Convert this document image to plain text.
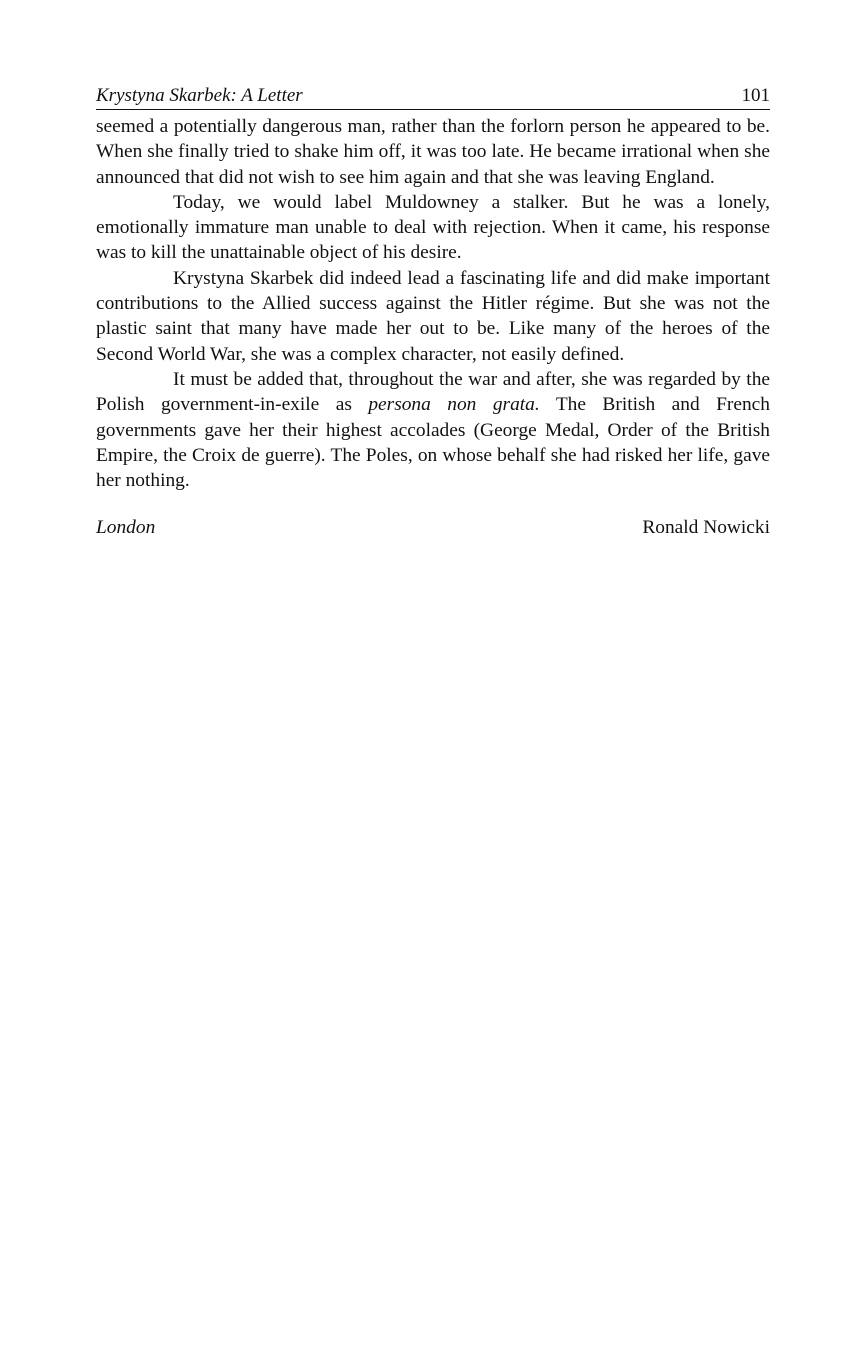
Krystyna Skarbek: A Letter	101

seemed a potentially dangerous man, rather than the forlorn person he appeared to be. When she finally tried to shake him off, it was too late. He became irrational when she announced that did not wish to see him again and that she was leaving England.

Today, we would label Muldowney a stalker. But he was a lonely, emotionally immature man unable to deal with rejection. When it came, his response was to kill the unattainable object of his desire.

Krystyna Skarbek did indeed lead a fascinating life and did make important contributions to the Allied success against the Hitler régime. But she was not the plastic saint that many have made her out to be. Like many of the heroes of the Second World War, she was a complex character, not easily defined.

It must be added that, throughout the war and after, she was regarded by the Polish government-in-exile as persona non grata. The British and French governments gave her their highest accolades (George Medal, Order of the British Empire, the Croix de guerre). The Poles, on whose behalf she had risked her life, gave her nothing.

London	Ronald Nowicki
